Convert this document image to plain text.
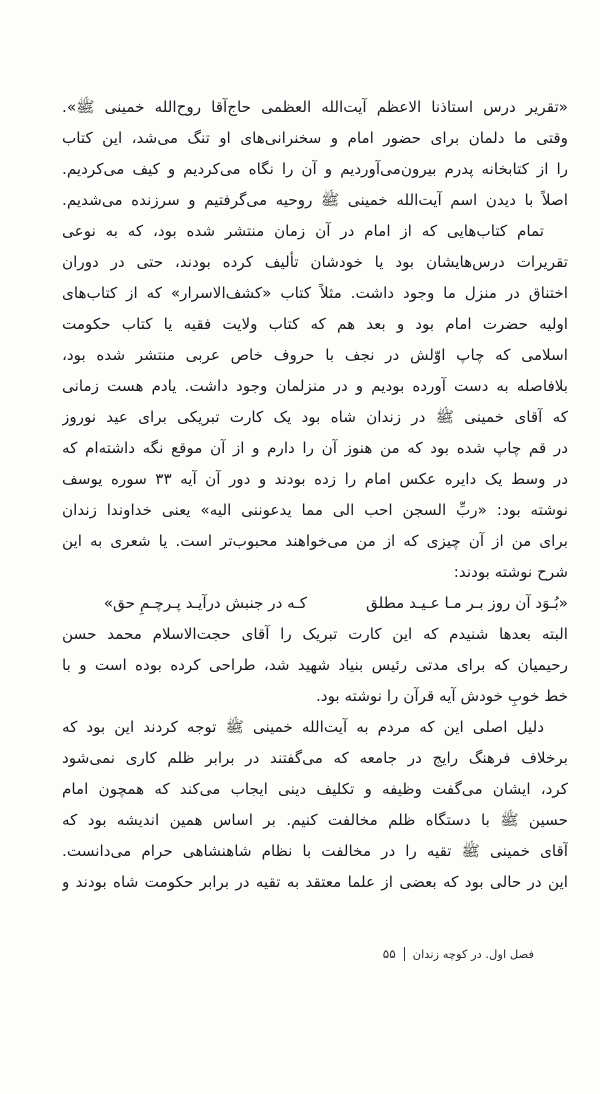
«تقریر درس استاذنا الاعظم آیت‌الله العظمی حاج‌آقا روح‌الله خمینی ﷺ».
وقتی ما دلمان برای حضور امام و سخنرانی‌های او تنگ می‌شد، این کتاب
را از کتابخانه پدرم بیرون‌می‌آوردیم و آن را نگاه می‌کردیم و کیف می‌کردیم.
اصلاً با دیدن اسم آیت‌الله خمینی ﷺ روحیه می‌گرفتیم و سرزنده می‌شدیم.
تمام کتاب‌هایی که از امام در آن زمان منتشر شده بود، که به نوعی
تقریرات درس‌هایشان بود یا خودشان تألیف کرده بودند، حتی در دوران
اختناق در منزل ما وجود داشت. مثلاً کتاب «کشف‌الاسرار» که از کتاب‌های
اولیه حضرت امام بود و بعد هم که کتاب ولایت فقیه یا کتاب حکومت
اسلامی که چاپ اوّلش در نجف با حروف خاص عربی منتشر شده بود،
بلافاصله به دست آورده بودیم و در منزلمان وجود داشت. یادم هست زمانی
که آقای خمینی ﷺ در زندان شاه بود یک کارت تبریکی برای عید نوروز
در قم چاپ شده بود که من هنوز آن را دارم و از آن موقع نگه داشته‌ام که
در وسط یک دایره عکس امام را زده بودند و دور آن آیه ۳۳ سوره یوسف
نوشته بود: «ربِّ السجن احب الی مما یدعوننی الیه» یعنی خداوندا زندان
برای من از آن چیزی که از من می‌خواهند محبوب‌تر است. یا شعری به این
شرح نوشته بودند:
«بُـوَد آن روز بـر مـا عـیـد مطلق
کـه در جنبش درآیـد پـرچـمِ حق»
البته بعدها شنیدم که این کارت تبریک را آقای حجت‌الاسلام محمد حسن
رحیمیان که برای مدتی رئیس بنیاد شهید شد، طراحی کرده بوده است و با
خط خوبِ خودش آیه قرآن را نوشته بود.
دلیل اصلی این که مردم به آیت‌الله خمینی ﷺ توجه کردند این بود که
برخلاف فرهنگ رایج در جامعه که می‌گفتند در برابر ظلم کاری نمی‌شود
کرد، ایشان می‌گفت وظیفه و تکلیف دینی ایجاب می‌کند که همچون امام
حسین ﷺ با دستگاه ظلم مخالفت کنیم. بر اساس همین اندیشه بود که
آقای خمینی ﷺ تقیه را در مخالفت با نظام شاهنشاهی حرام می‌دانست.
این در حالی بود که بعضی از علما معتقد به تقیه در برابر حکومت شاه بودند و
فصل اول. در کوچه زندان
۵۵
